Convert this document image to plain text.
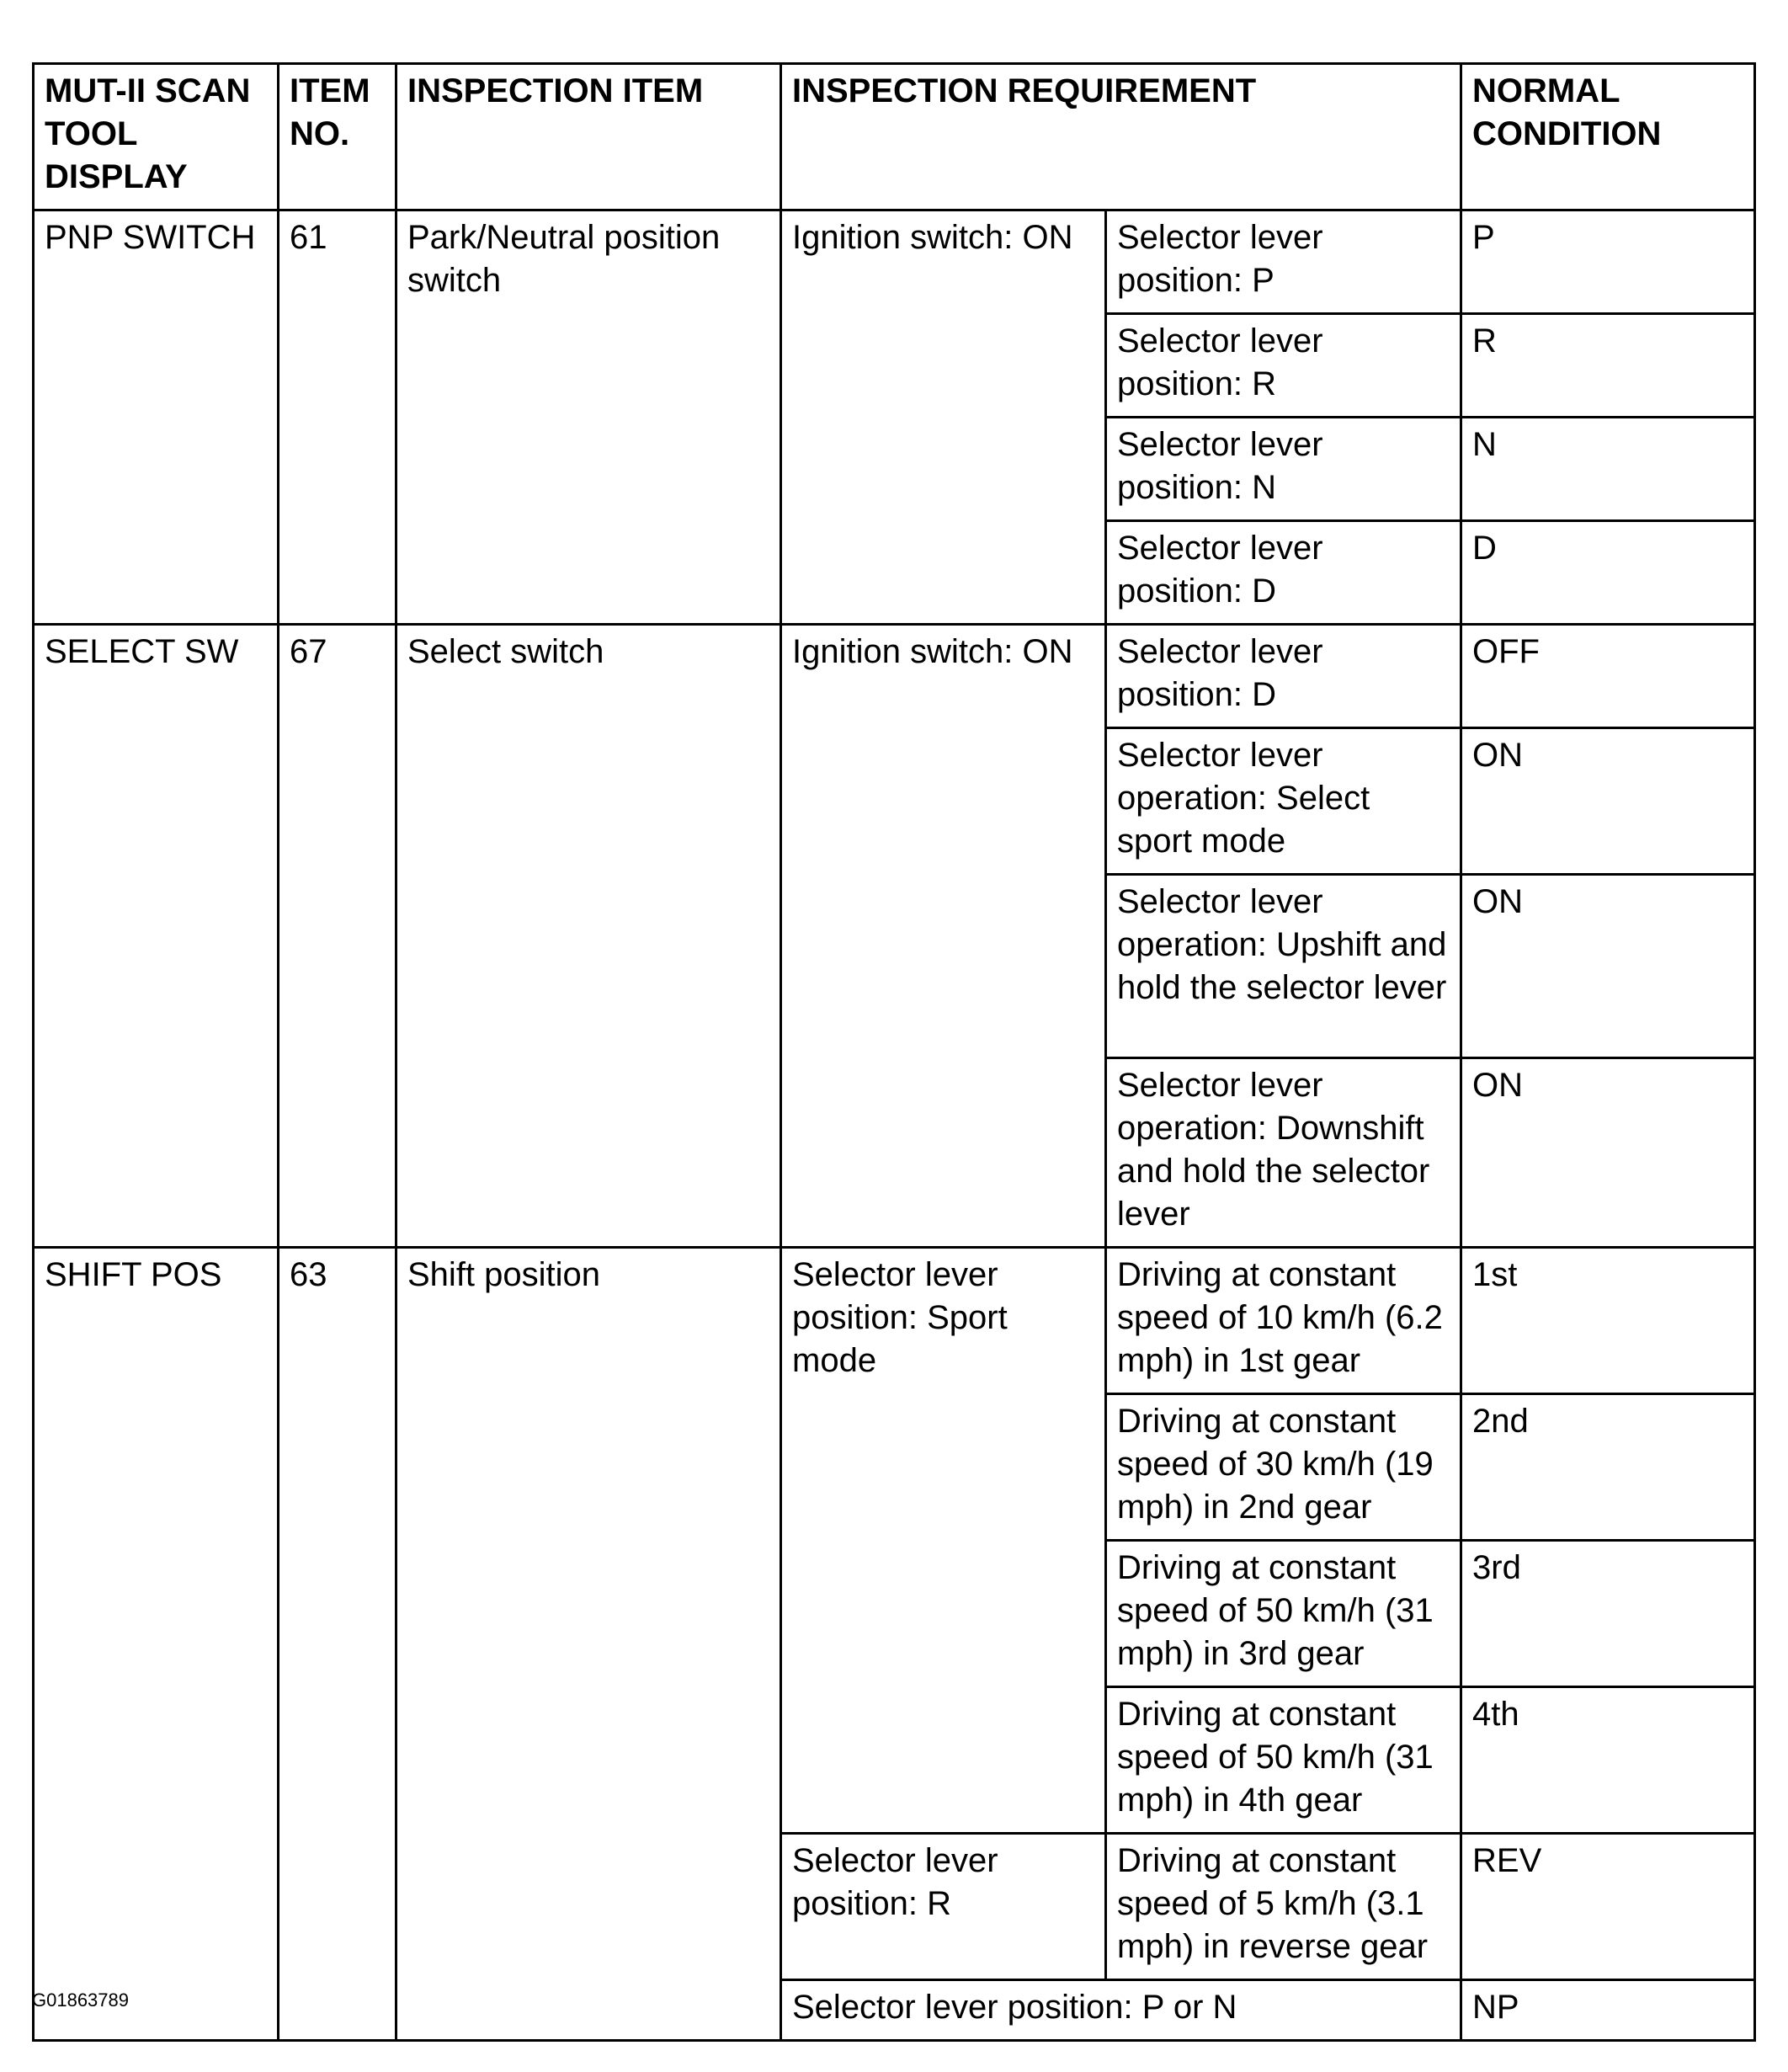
MUT-II SCAN TOOL DISPLAY	ITEM NO.	INSPECTION ITEM	INSPECTION REQUIREMENT		NORMAL CONDITION
PNP SWITCH	61	Park/Neutral position switch	Ignition switch: ON	Selector lever position: P	P
				Selector lever position: R	R
				Selector lever position: N	N
				Selector lever position: D	D
SELECT SW	67	Select switch	Ignition switch: ON	Selector lever position: D	OFF
				Selector lever operation: Select sport mode	ON
				Selector lever operation: Upshift and hold the selector lever	ON
				Selector lever operation: Downshift and hold the selector lever	ON
SHIFT POS	63	Shift position	Selector lever position: Sport mode	Driving at constant speed of 10 km/h (6.2 mph) in 1st gear	1st
				Driving at constant speed of 30 km/h (19 mph) in 2nd gear	2nd
				Driving at constant speed of 50 km/h (31 mph) in 3rd gear	3rd
				Driving at constant speed of 50 km/h (31 mph) in 4th gear	4th
			Selector lever position: R	Driving at constant speed of 5 km/h (3.1 mph) in reverse gear	REV
			Selector lever position: P or N		NP
G01863789
